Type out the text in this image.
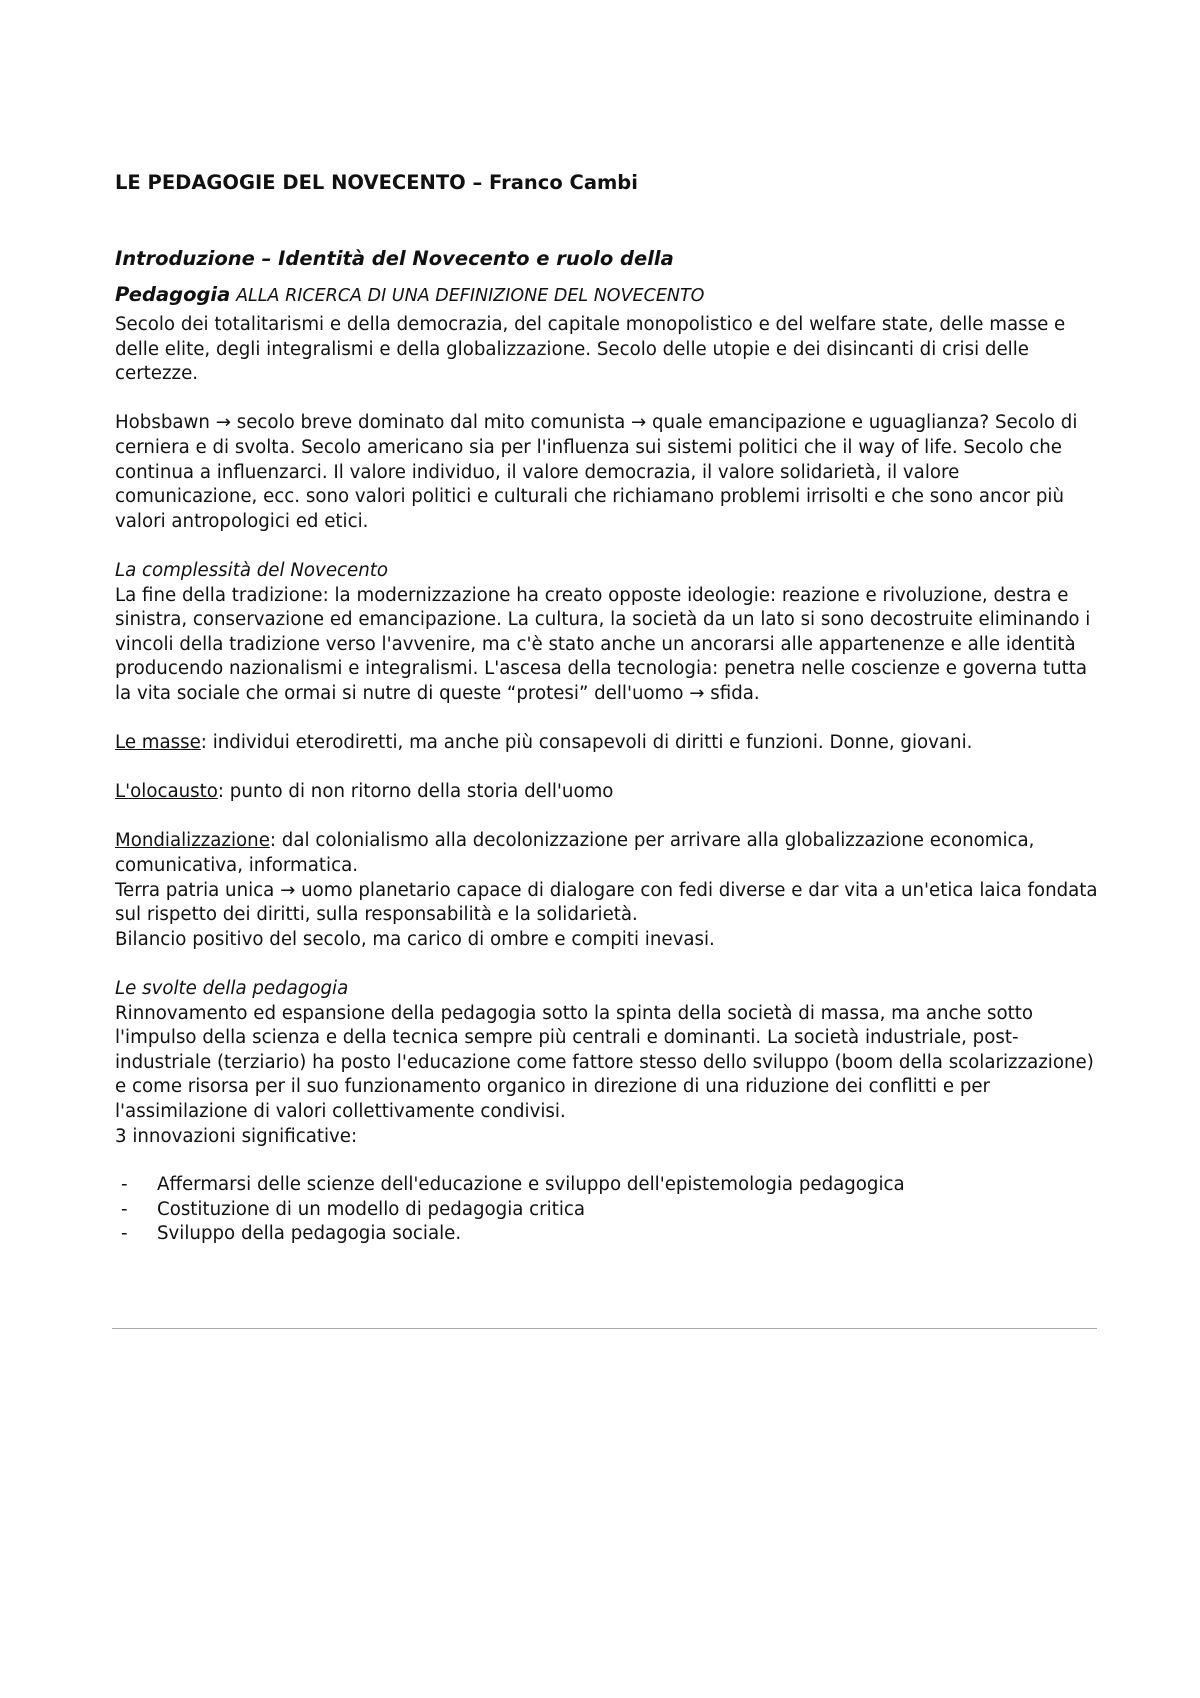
LE PEDAGOGIE DEL NOVECENTO – Franco Cambi

Introduzione – Identità del Novecento e ruolo della

Pedagogia ALLA RICERCA DI UNA DEFINIZIONE DEL NOVECENTO

Secolo dei totalitarismi e della democrazia, del capitale monopolistico e del welfare state, delle masse e delle elite, degli integralismi e della globalizzazione. Secolo delle utopie e dei disincanti di crisi delle certezze.

Hobsbawn → secolo breve dominato dal mito comunista → quale emancipazione e uguaglianza? Secolo di cerniera e di svolta. Secolo americano sia per l'influenza sui sistemi politici che il way of life. Secolo che continua a influenzarci. Il valore individuo, il valore democrazia, il valore solidarietà, il valore comunicazione, ecc. sono valori politici e culturali che richiamano problemi irrisolti e che sono ancor più valori antropologici ed etici.

La complessità del Novecento

La fine della tradizione: la modernizzazione ha creato opposte ideologie: reazione e rivoluzione, destra e sinistra, conservazione ed emancipazione. La cultura, la società da un lato si sono decostruite eliminando i vincoli della tradizione verso l'avvenire, ma c'è stato anche un ancorarsi alle appartenenze e alle identità producendo nazionalismi e integralismi. L'ascesa della tecnologia: penetra nelle coscienze e governa tutta la vita sociale che ormai si nutre di queste “protesi” dell'uomo → sfida.

Le masse: individui eterodiretti, ma anche più consapevoli di diritti e funzioni. Donne, giovani.

L'olocausto: punto di non ritorno della storia dell'uomo

Mondializzazione: dal colonialismo alla decolonizzazione per arrivare alla globalizzazione economica, comunicativa, informatica.

Terra patria unica → uomo planetario capace di dialogare con fedi diverse e dar vita a un'etica laica fondata sul rispetto dei diritti, sulla responsabilità e la solidarietà.

Bilancio positivo del secolo, ma carico di ombre e compiti inevasi.

Le svolte della pedagogia

Rinnovamento ed espansione della pedagogia sotto la spinta della società di massa, ma anche sotto l'impulso della scienza e della tecnica sempre più centrali e dominanti. La società industriale, post-industriale (terziario) ha posto l'educazione come fattore stesso dello sviluppo (boom della scolarizzazione) e come risorsa per il suo funzionamento organico in direzione di una riduzione dei conflitti e per l'assimilazione di valori collettivamente condivisi.

3 innovazioni significative:

- Affermarsi delle scienze dell'educazione e sviluppo dell'epistemologia pedagogica
- Costituzione di un modello di pedagogia critica
- Sviluppo della pedagogia sociale.
